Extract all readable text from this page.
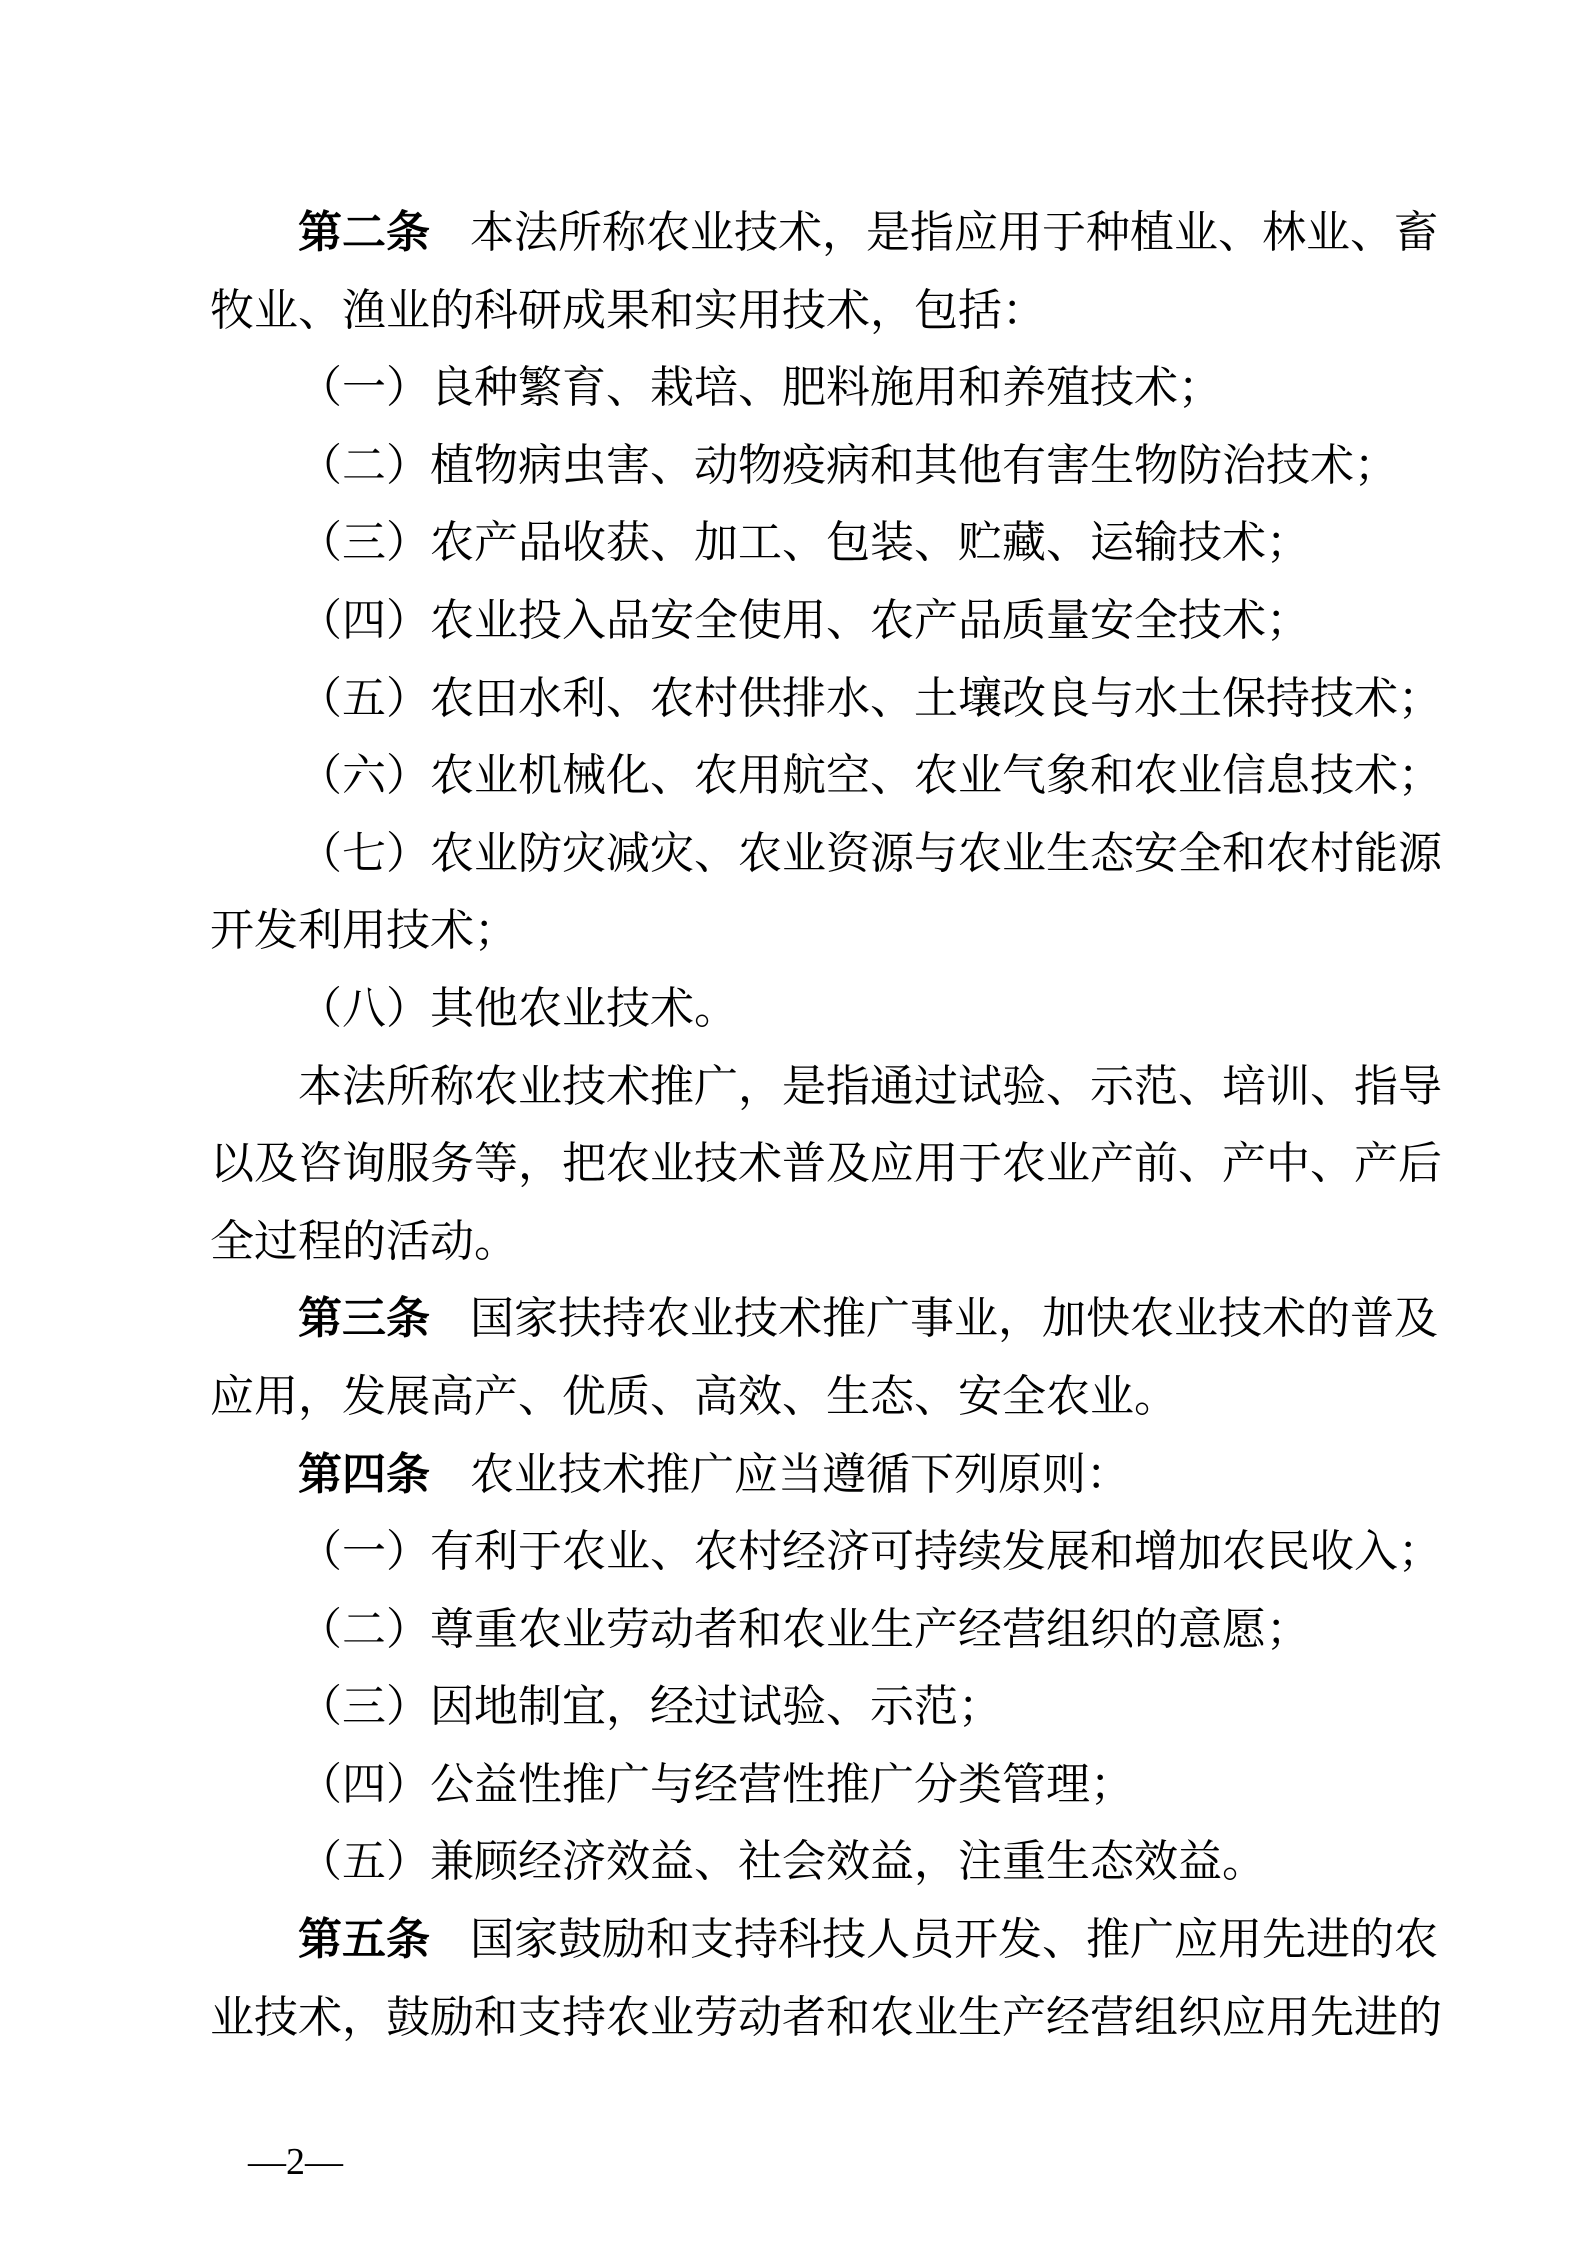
第二条 本法所称农业技术，是指应用于种植业、林业、畜
牧业、渔业的科研成果和实用技术，包括：
（一）良种繁育、栽培、肥料施用和养殖技术；
（二）植物病虫害、动物疫病和其他有害生物防治技术；
（三）农产品收获、加工、包装、贮藏、运输技术；
（四）农业投入品安全使用、农产品质量安全技术；
（五）农田水利、农村供排水、土壤改良与水土保持技术；
（六）农业机械化、农用航空、农业气象和农业信息技术；
（七）农业防灾减灾、农业资源与农业生态安全和农村能源
开发利用技术；
（八）其他农业技术。
本法所称农业技术推广，是指通过试验、示范、培训、指导
以及咨询服务等，把农业技术普及应用于农业产前、产中、产后
全过程的活动。
第三条 国家扶持农业技术推广事业，加快农业技术的普及
应用，发展高产、优质、高效、生态、安全农业。
第四条 农业技术推广应当遵循下列原则：
（一）有利于农业、农村经济可持续发展和增加农民收入；
（二）尊重农业劳动者和农业生产经营组织的意愿；
（三）因地制宜，经过试验、示范；
（四）公益性推广与经营性推广分类管理；
（五）兼顾经济效益、社会效益，注重生态效益。
第五条 国家鼓励和支持科技人员开发、推广应用先进的农
业技术，鼓励和支持农业劳动者和农业生产经营组织应用先进的
—2—
